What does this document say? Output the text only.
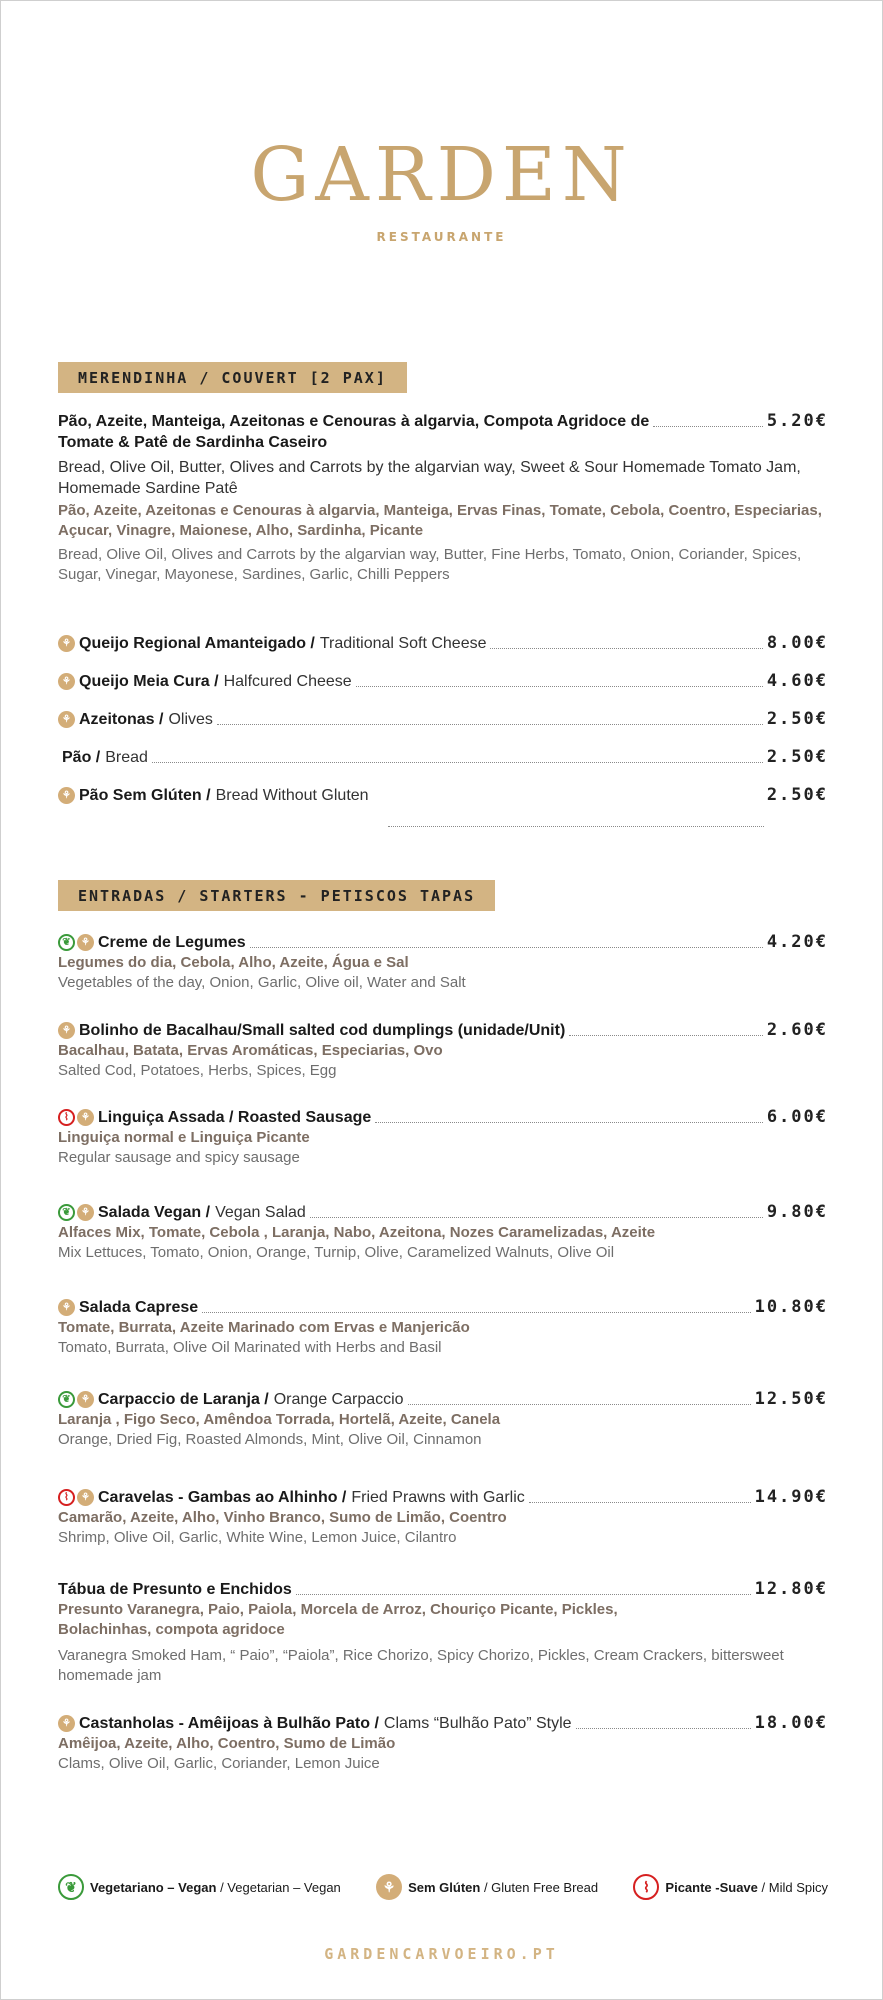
GARDEN
RESTAURANTE
MERENDINHA / COUVERT [2 PAX]
Pão, Azeite, Manteiga, Azeitonas e Cenouras à algarvia, Compota Agridoce de	5.20€
Tomate & Patê de Sardinha Caseiro
Bread, Olive Oil, Butter, Olives and Carrots by the algarvian way, Sweet & Sour Homemade Tomato Jam, Homemade Sardine Patê
Pão, Azeite, Azeitonas e Cenouras à algarvia, Manteiga, Ervas Finas, Tomate, Cebola, Coentro, Especiarias, Açucar, Vinagre, Maionese, Alho, Sardinha, Picante
Bread, Olive Oil, Olives and Carrots by the algarvian way, Butter, Fine Herbs, Tomato, Onion, Coriander, Spices, Sugar, Vinegar, Mayonese, Sardines, Garlic, Chilli Peppers
⚘ Queijo Regional Amanteigado / Traditional Soft Cheese	8.00€
⚘ Queijo Meia Cura / Halfcured Cheese	4.60€
⚘ Azeitonas / Olives	2.50€
Pão / Bread	2.50€
⚘ Pão Sem Glúten / Bread Without Gluten	2.50€
ENTRADAS / STARTERS - PETISCOS TAPAS
❦	⚘ Creme de Legumes	4.20€
Legumes do dia, Cebola, Alho, Azeite, Água e Sal
Vegetables of the day, Onion, Garlic, Olive oil, Water and Salt
⚘ Bolinho de Bacalhau/Small salted cod dumplings (unidade/Unit)	2.60€
Bacalhau, Batata, Ervas Aromáticas, Especiarias, Ovo
Salted Cod, Potatoes, Herbs, Spices, Egg
⌇	⚘ Linguiça Assada / Roasted Sausage	6.00€
Linguiça normal e Linguiça Picante
Regular sausage and spicy sausage
❦	⚘ Salada Vegan / Vegan Salad	9.80€
Alfaces Mix, Tomate, Cebola , Laranja, Nabo, Azeitona, Nozes Caramelizadas, Azeite
Mix Lettuces, Tomato, Onion, Orange, Turnip, Olive, Caramelized Walnuts, Olive Oil
⚘ Salada Caprese	10.80€
Tomate, Burrata, Azeite Marinado com Ervas e Manjericão
Tomato, Burrata, Olive Oil Marinated with Herbs and Basil
❦	⚘ Carpaccio de Laranja / Orange Carpaccio	12.50€
Laranja , Figo Seco, Amêndoa Torrada, Hortelã, Azeite, Canela
Orange, Dried Fig, Roasted Almonds, Mint, Olive Oil, Cinnamon
⌇	⚘ Caravelas - Gambas ao Alhinho / Fried Prawns with Garlic	14.90€
Camarão, Azeite, Alho, Vinho Branco, Sumo de Limão, Coentro
Shrimp, Olive Oil, Garlic, White Wine, Lemon Juice, Cilantro
Tábua de Presunto e Enchidos	12.80€
Presunto Varanegra, Paio, Paiola, Morcela de Arroz, Chouriço Picante, Pickles, Bolachinhas, compota agridoce
Varanegra Smoked Ham, “ Paio”, “Paiola”, Rice Chorizo, Spicy Chorizo, Pickles, Cream Crackers, bittersweet homemade jam
⚘ Castanholas - Amêijoas à Bulhão Pato / Clams “Bulhão Pato” Style	18.00€
Amêijoa, Azeite, Alho, Coentro, Sumo de Limão
Clams, Olive Oil, Garlic, Coriander, Lemon Juice
❦	Vegetariano – Vegan / Vegetarian – Vegan	⚘ Sem Glúten / Gluten Free Bread	⌇	Picante -Suave / Mild Spicy
GARDENCARVOEIRO.PT
